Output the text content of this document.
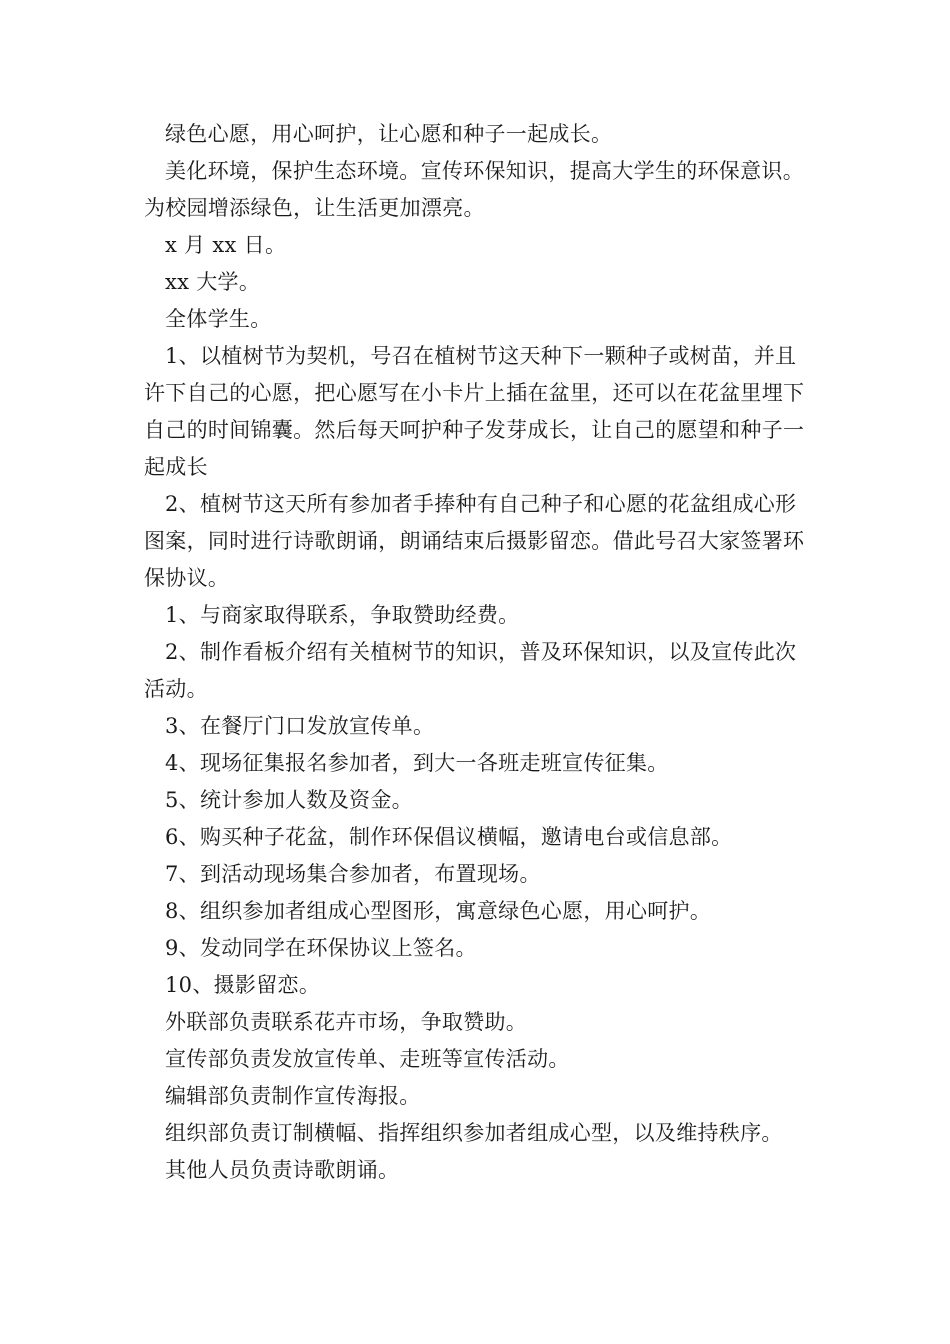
绿色心愿，用心呵护，让心愿和种子一起成长。

美化环境，保护生态环境。宣传环保知识，提高大学生的环保意识。为校园增添绿色，让生活更加漂亮。

x 月 xx 日。

xx 大学。

全体学生。

1、以植树节为契机，号召在植树节这天种下一颗种子或树苗，并且许下自己的心愿，把心愿写在小卡片上插在盆里，还可以在花盆里埋下自己的时间锦囊。然后每天呵护种子发芽成长，让自己的愿望和种子一起成长

2、植树节这天所有参加者手捧种有自己种子和心愿的花盆组成心形图案，同时进行诗歌朗诵，朗诵结束后摄影留恋。借此号召大家签署环保协议。

1、与商家取得联系，争取赞助经费。

2、制作看板介绍有关植树节的知识，普及环保知识，以及宣传此次活动。

3、在餐厅门口发放宣传单。

4、现场征集报名参加者，到大一各班走班宣传征集。

5、统计参加人数及资金。

6、购买种子花盆，制作环保倡议横幅，邀请电台或信息部。

7、到活动现场集合参加者，布置现场。

8、组织参加者组成心型图形，寓意绿色心愿，用心呵护。

9、发动同学在环保协议上签名。

10、摄影留恋。

外联部负责联系花卉市场，争取赞助。

宣传部负责发放宣传单、走班等宣传活动。

编辑部负责制作宣传海报。

组织部负责订制横幅、指挥组织参加者组成心型，以及维持秩序。

其他人员负责诗歌朗诵。
